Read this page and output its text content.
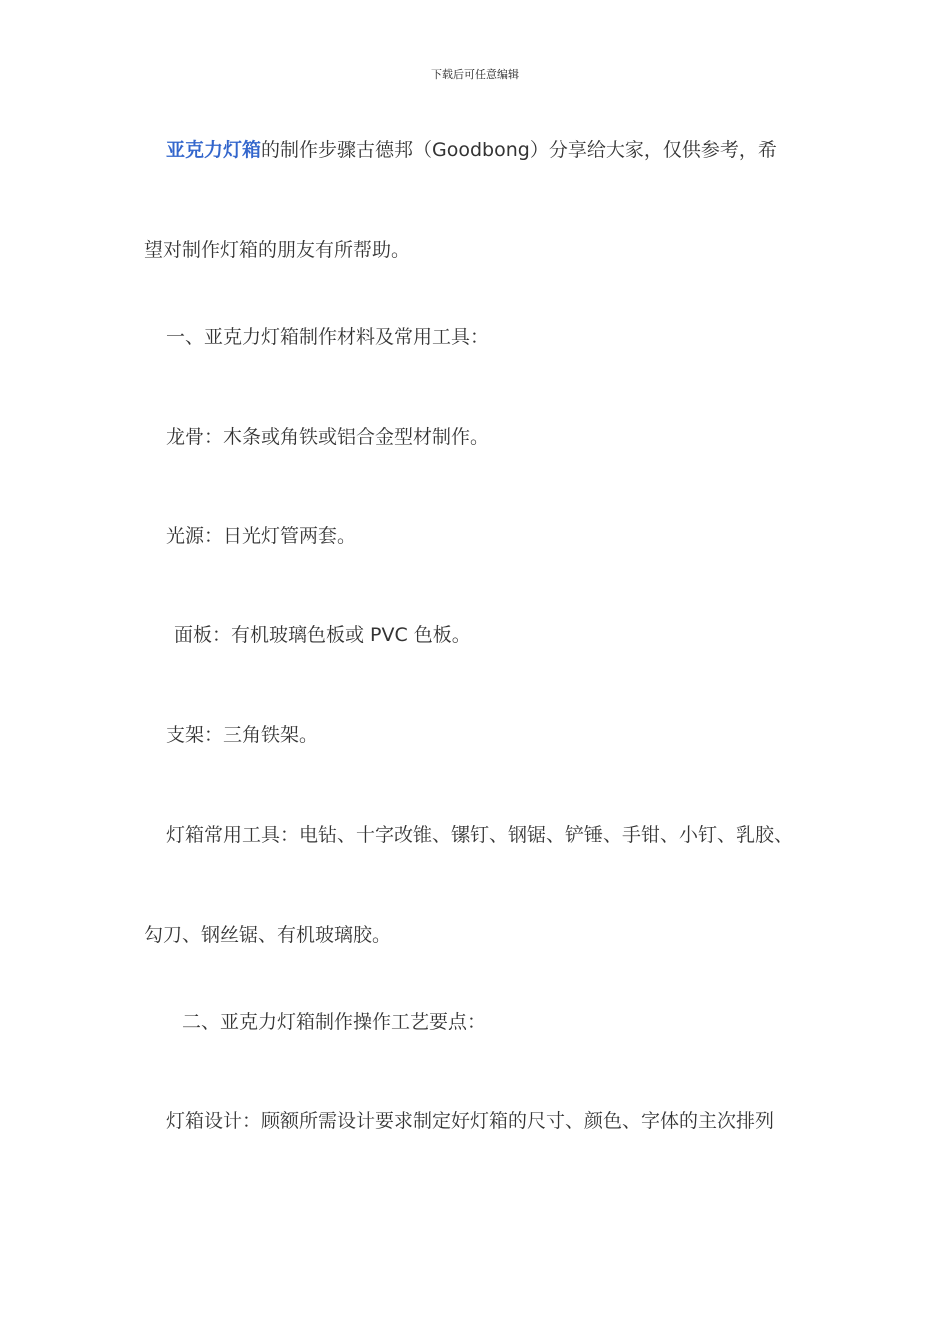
下载后可任意编辑
亚克力灯箱的制作步骤古德邦（Goodbong）分享给大家，仅供参考，希
望对制作灯箱的朋友有所帮助。
一、亚克力灯箱制作材料及常用工具：
龙骨：木条或角铁或铝合金型材制作。
光源：日光灯管两套。
面板：有机玻璃色板或 PVC 色板。
支架：三角铁架。
灯箱常用工具：电钻、十字改锥、镙钉、钢锯、铲锤、手钳、小钉、乳胶、
勾刀、钢丝锯、有机玻璃胶。
二、亚克力灯箱制作操作工艺要点：
灯箱设计：顾额所需设计要求制定好灯箱的尺寸、颜色、字体的主次排列
